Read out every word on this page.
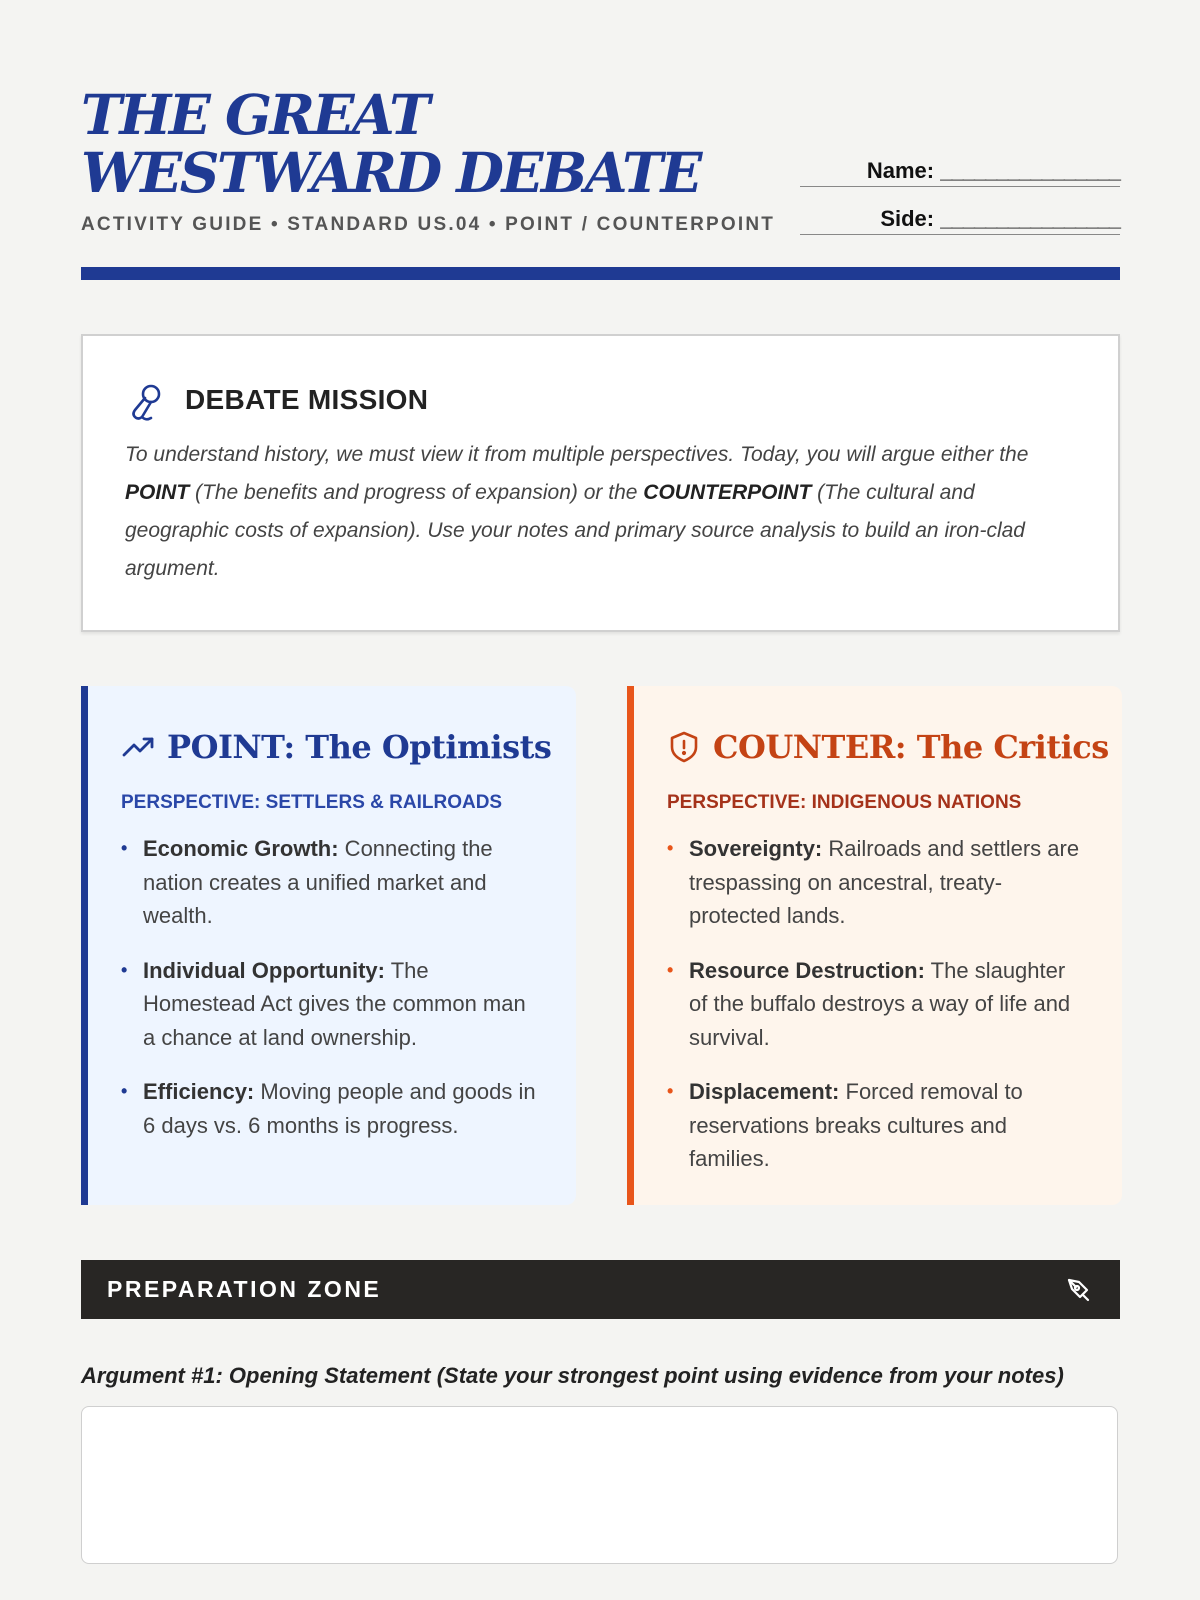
THE GREAT WESTWARD DEBATE
ACTIVITY GUIDE • STANDARD US.04 • POINT / COUNTERPOINT
Name: ________________
Side: ________________
DEBATE MISSION

To understand history, we must view it from multiple perspectives. Today, you will argue either the POINT (The benefits and progress of expansion) or the COUNTERPOINT (The cultural and geographic costs of expansion). Use your notes and primary source analysis to build an iron-clad argument.

POINT: The Optimists
PERSPECTIVE: SETTLERS & RAILROADS
• Economic Growth: Connecting the nation creates a unified market and wealth.
• Individual Opportunity: The Homestead Act gives the common man a chance at land ownership.
• Efficiency: Moving people and goods in 6 days vs. 6 months is progress.
COUNTER: The Critics
PERSPECTIVE: INDIGENOUS NATIONS
• Sovereignty: Railroads and settlers are trespassing on ancestral, treaty-protected lands.
• Resource Destruction: The slaughter of the buffalo destroys a way of life and survival.
• Displacement: Forced removal to reservations breaks cultures and families.
PREPARATION ZONE
Argument #1: Opening Statement (State your strongest point using evidence from your notes)
